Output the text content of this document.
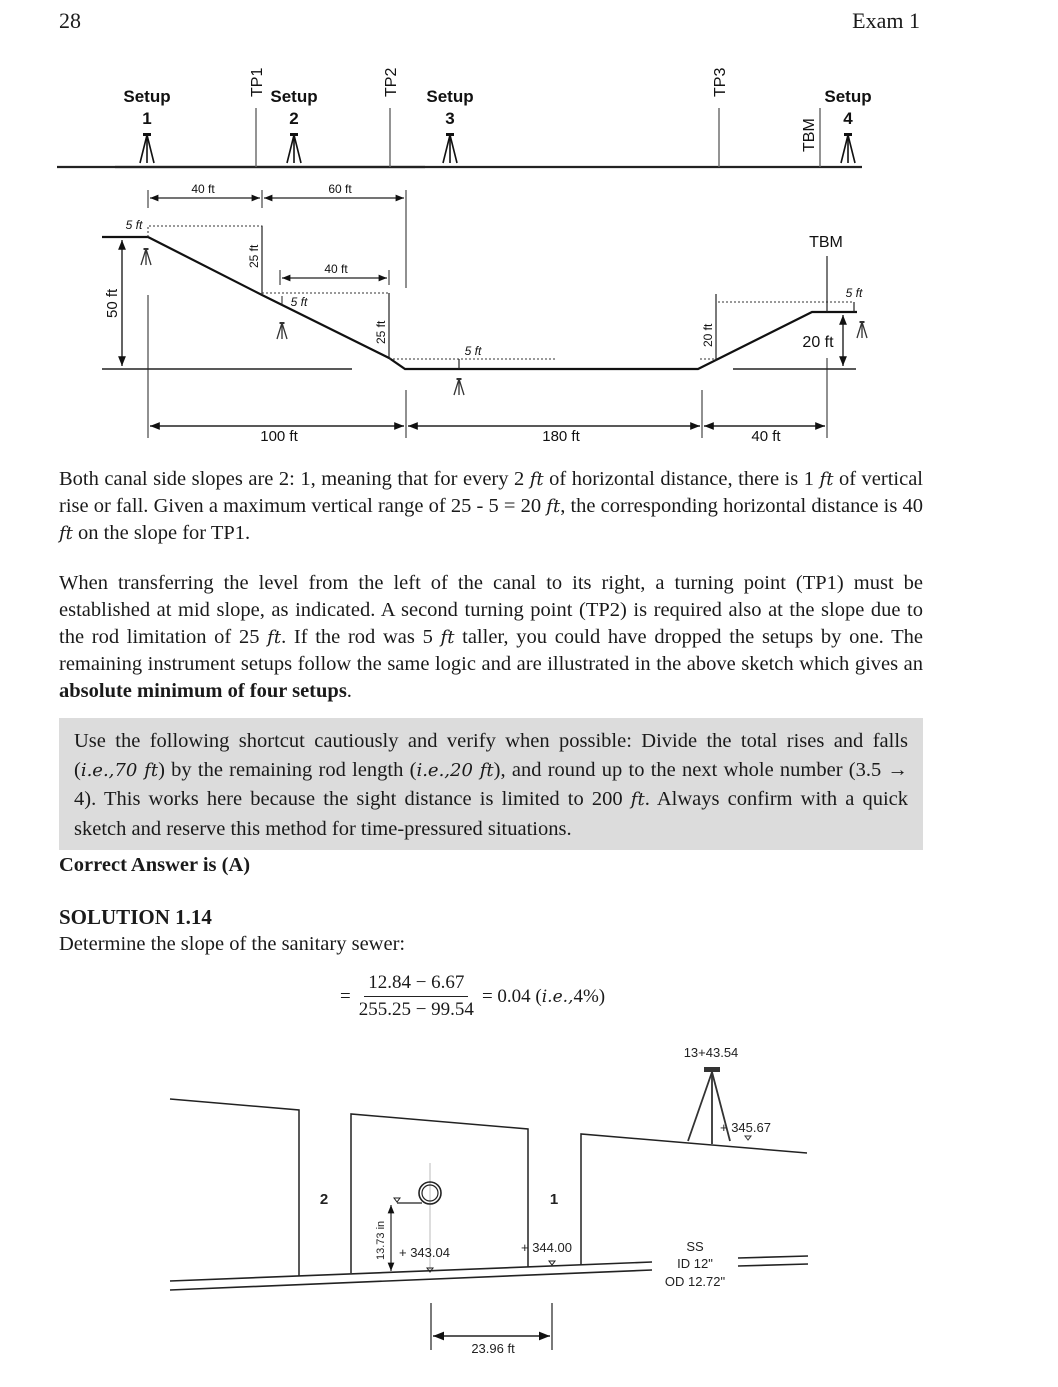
28	Exam 1
Setup
1
Setup
2
Setup
3
Setup
4
TP1	TP2	TP3
TBM
40 ft	60 ft
5 ft
25 ft
40 ft
5 ft
25 ft
50 ft
5 ft
20 ft
TBM
5 ft
20 ft
100 ft	180 ft	40 ft
Both canal side slopes are 2: 1, meaning that for every 2 ft of horizontal distance, there is 1 ft of vertical rise or fall. Given a maximum vertical range of 25 - 5 = 20 ft, the corresponding horizontal distance is 40 ft on the slope for TP1.
When transferring the level from the left of the canal to its right, a turning point (TP1) must be established at mid slope, as indicated. A second turning point (TP2) is required also at the slope due to the rod limitation of 25 ft. If the rod was 5 ft taller, you could have dropped the setups by one. The remaining instrument setups follow the same logic and are illustrated in the above sketch which gives an absolute minimum of four setups.
Use the following shortcut cautiously and verify when possible: Divide the total rises and falls (i.e.,70 ft) by the remaining rod length (i.e.,20 ft), and round up to the next whole number (3.5 → 4). This works here because the sight distance is limited to 200 ft. Always confirm with a quick sketch and reserve this method for time-pressured situations.
Correct Answer is (A)
SOLUTION 1.14
Determine the slope of the sanitary sewer:
= $\frac{12.84 - 6.67}{255.25 - 99.54} = 0.04$ ( i.e., 4%)
13+43.54
+ 345.67
2	1
13.73 in + 343.04	+ 344.00	SS
ID 12"
OD 12.72"
23.96 ft
